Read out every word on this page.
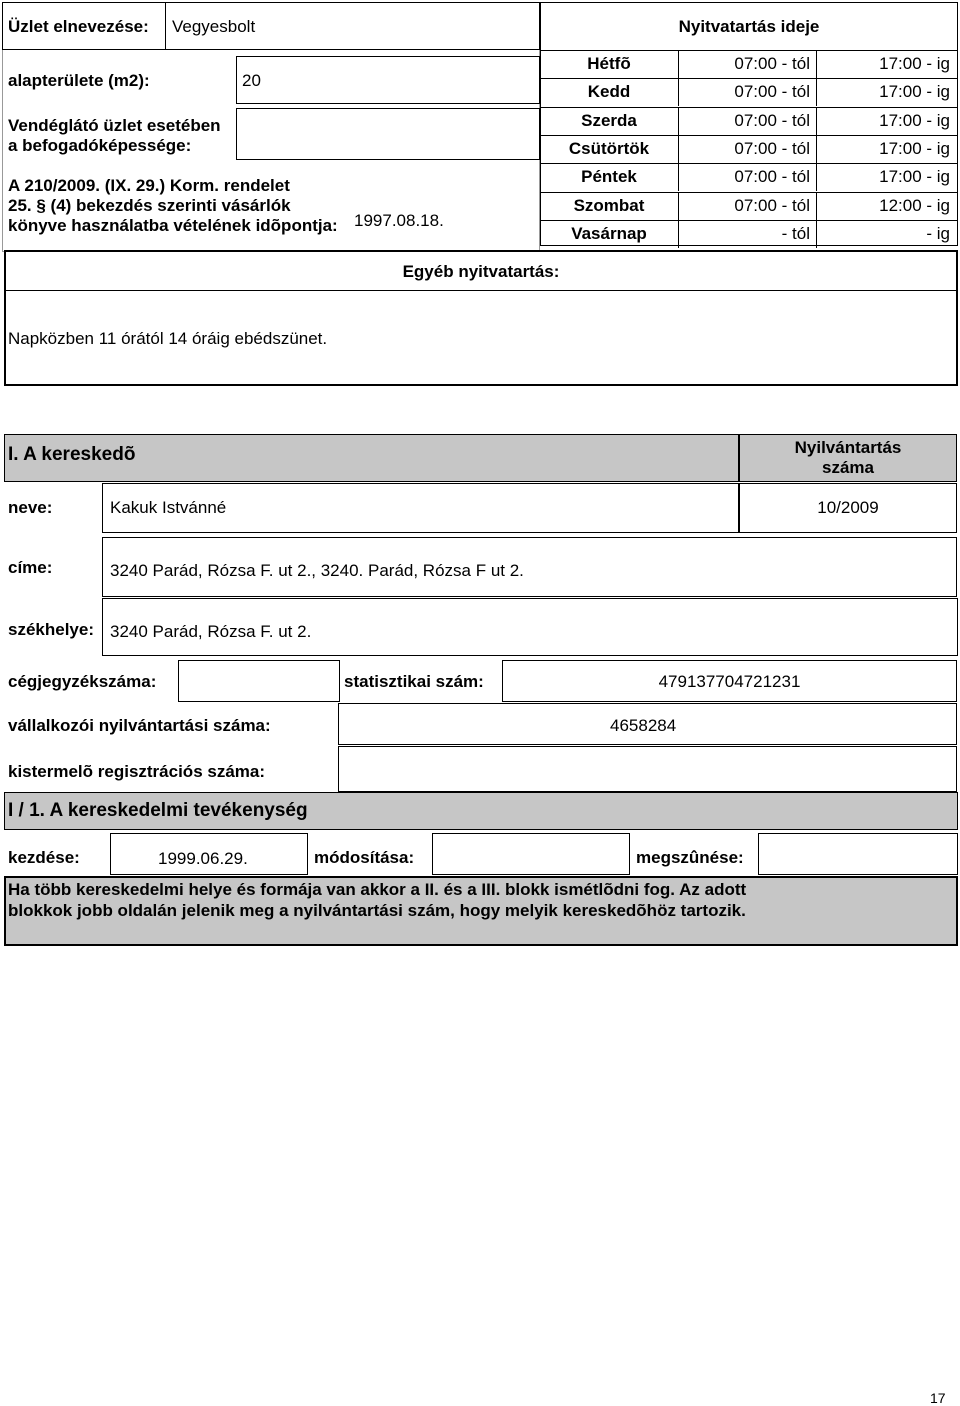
Üzlet elnevezése: Vegyesbolt
alapterülete (m2):	20
Vendéglátó üzlet esetében
a befogadóképessége:
A 210/2009. (IX. 29.) Korm. rendelet
25. § (4) bekezdés szerinti vásárlók
könyve használatba vételének idõpontja: 1997.08.18.
Nyitvatartás ideje
Hétfõ	07:00 - tól	17:00 - ig
Kedd	07:00 - tól	17:00 - ig
Szerda	07:00 - tól	17:00 - ig
Csütörtök	07:00 - tól	17:00 - ig
Péntek	07:00 - tól	17:00 - ig
Szombat	07:00 - tól	12:00 - ig
Vasárnap	- tól	- ig
Egyéb nyitvatartás:
Napközben 11 órától 14 óráig ebédszünet.
I. A kereskedõ	Nyilvántartás
száma
neve:	Kakuk Istvánné	10/2009
címe:	3240 Parád, Rózsa F. ut 2., 3240. Parád, Rózsa F ut 2.
székhelye: 3240 Parád, Rózsa F. ut 2.
cégjegyzékszáma:	statisztikai szám:	479137704721231
vállalkozói nyilvántartási száma:	4658284
kistermelõ regisztrációs száma:
I / 1. A kereskedelmi tevékenység
kezdése:	1999.06.29.	módosítása:	megszûnése:
Ha több kereskedelmi helye és formája van akkor a II. és a III. blokk ismétlõdni fog. Az adott blokkok jobb oldalán jelenik meg a nyilvántartási szám, hogy melyik kereskedõhöz tartozik.
17
